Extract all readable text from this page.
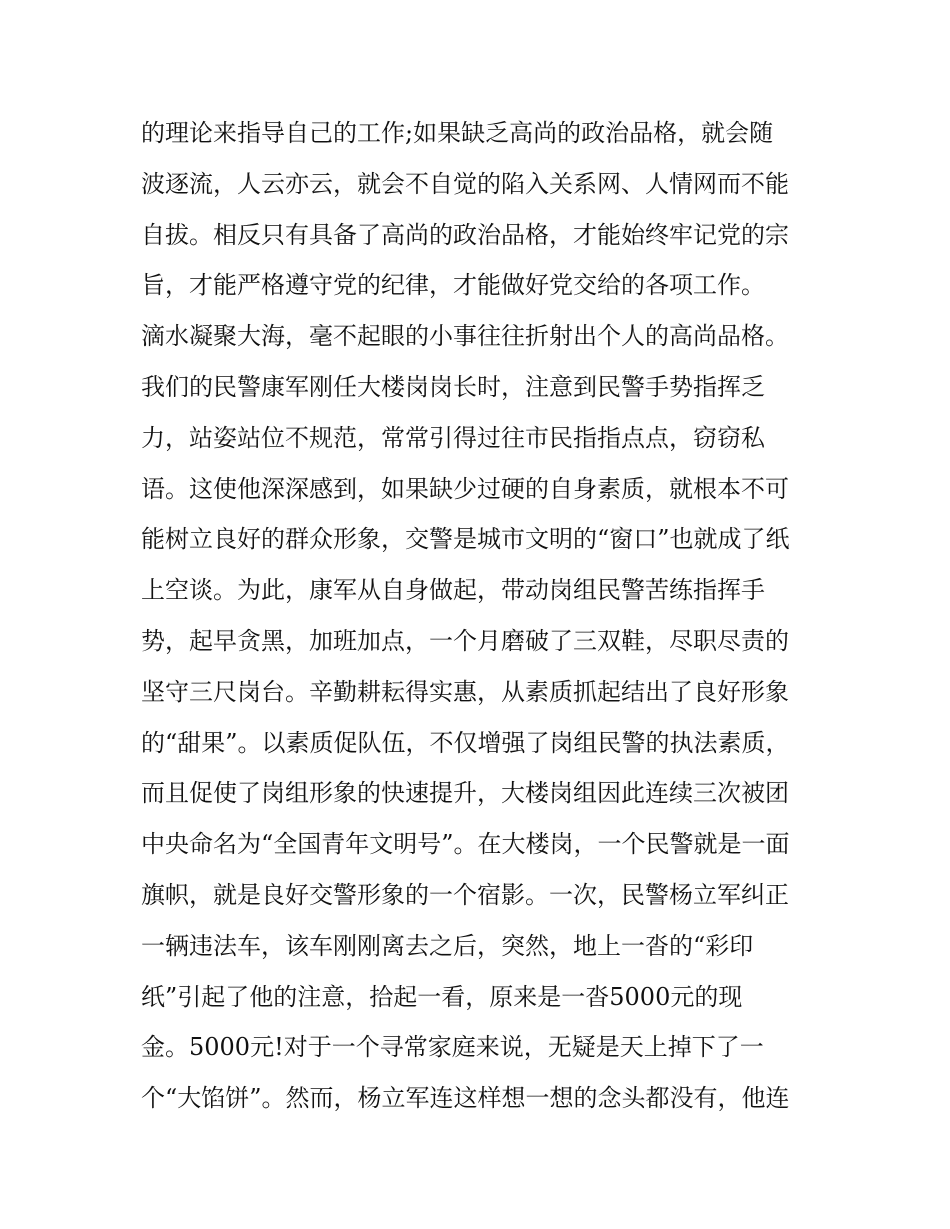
的理论来指导自己的工作;如果缺乏高尚的政治品格，就会随
波逐流，人云亦云，就会不自觉的陷入关系网、人情网而不能
自拔。相反只有具备了高尚的政治品格，才能始终牢记党的宗
旨，才能严格遵守党的纪律，才能做好党交给的各项工作。
滴水凝聚大海，毫不起眼的小事往往折射出个人的高尚品格。
我们的民警康军刚任大楼岗岗长时，注意到民警手势指挥乏
力，站姿站位不规范，常常引得过往市民指指点点，窃窃私
语。这使他深深感到，如果缺少过硬的自身素质，就根本不可
能树立良好的群众形象，交警是城市文明的“窗口”也就成了纸
上空谈。为此，康军从自身做起，带动岗组民警苦练指挥手
势，起早贪黑，加班加点，一个月磨破了三双鞋，尽职尽责的
坚守三尺岗台。辛勤耕耘得实惠，从素质抓起结出了良好形象
的“甜果”。以素质促队伍，不仅增强了岗组民警的执法素质，
而且促使了岗组形象的快速提升，大楼岗组因此连续三次被团
中央命名为“全国青年文明号”。在大楼岗，一个民警就是一面
旗帜，就是良好交警形象的一个宿影。一次，民警杨立军纠正
一辆违法车，该车刚刚离去之后，突然，地上一沓的“彩印
纸”引起了他的注意，拾起一看，原来是一沓5000元的现
金。5000元!对于一个寻常家庭来说，无疑是天上掉下了一
个“大馅饼”。然而，杨立军连这样想一想的念头都没有，他连
